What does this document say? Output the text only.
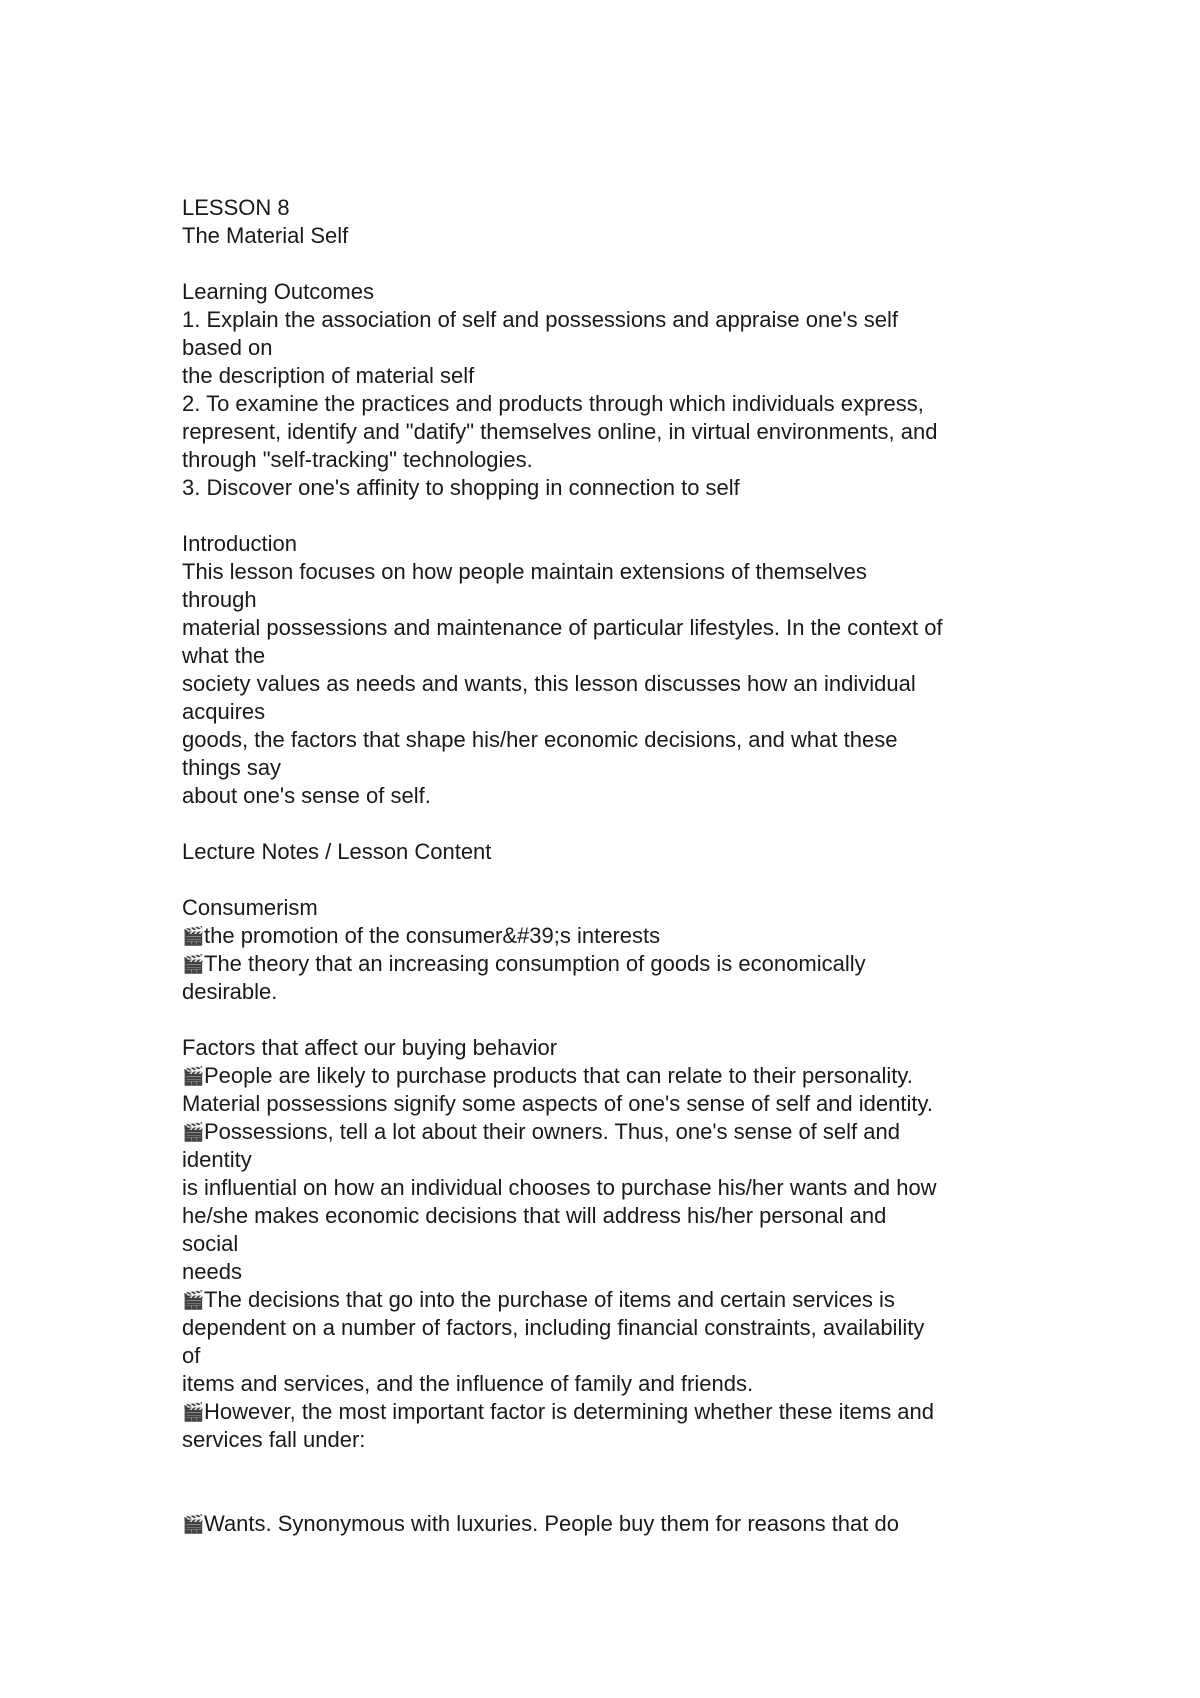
LESSON 8
The Material Self
Learning Outcomes
1. Explain the association of self and possessions and appraise one's self
based on
the description of material self
2. To examine the practices and products through which individuals express,
represent, identify and "datify" themselves online, in virtual environments, and
through "self-tracking" technologies.
3. Discover one's affinity to shopping in connection to self
Introduction
This lesson focuses on how people maintain extensions of themselves
through
material possessions and maintenance of particular lifestyles. In the context of
what the
society values as needs and wants, this lesson discusses how an individual
acquires
goods, the factors that shape his/her economic decisions, and what these
things say
about one's sense of self.
Lecture Notes / Lesson Content
Consumerism
🎬the promotion of the consumer&#39;s interests
🎬The theory that an increasing consumption of goods is economically
desirable.
Factors that affect our buying behavior
🎬People are likely to purchase products that can relate to their personality.
Material possessions signify some aspects of one's sense of self and identity.
🎬Possessions, tell a lot about their owners. Thus, one's sense of self and
identity
is influential on how an individual chooses to purchase his/her wants and how
he/she makes economic decisions that will address his/her personal and
social
needs
🎬The decisions that go into the purchase of items and certain services is
dependent on a number of factors, including financial constraints, availability
of
items and services, and the influence of family and friends.
🎬However, the most important factor is determining whether these items and
services fall under:
🎬Wants. Synonymous with luxuries. People buy them for reasons that do
